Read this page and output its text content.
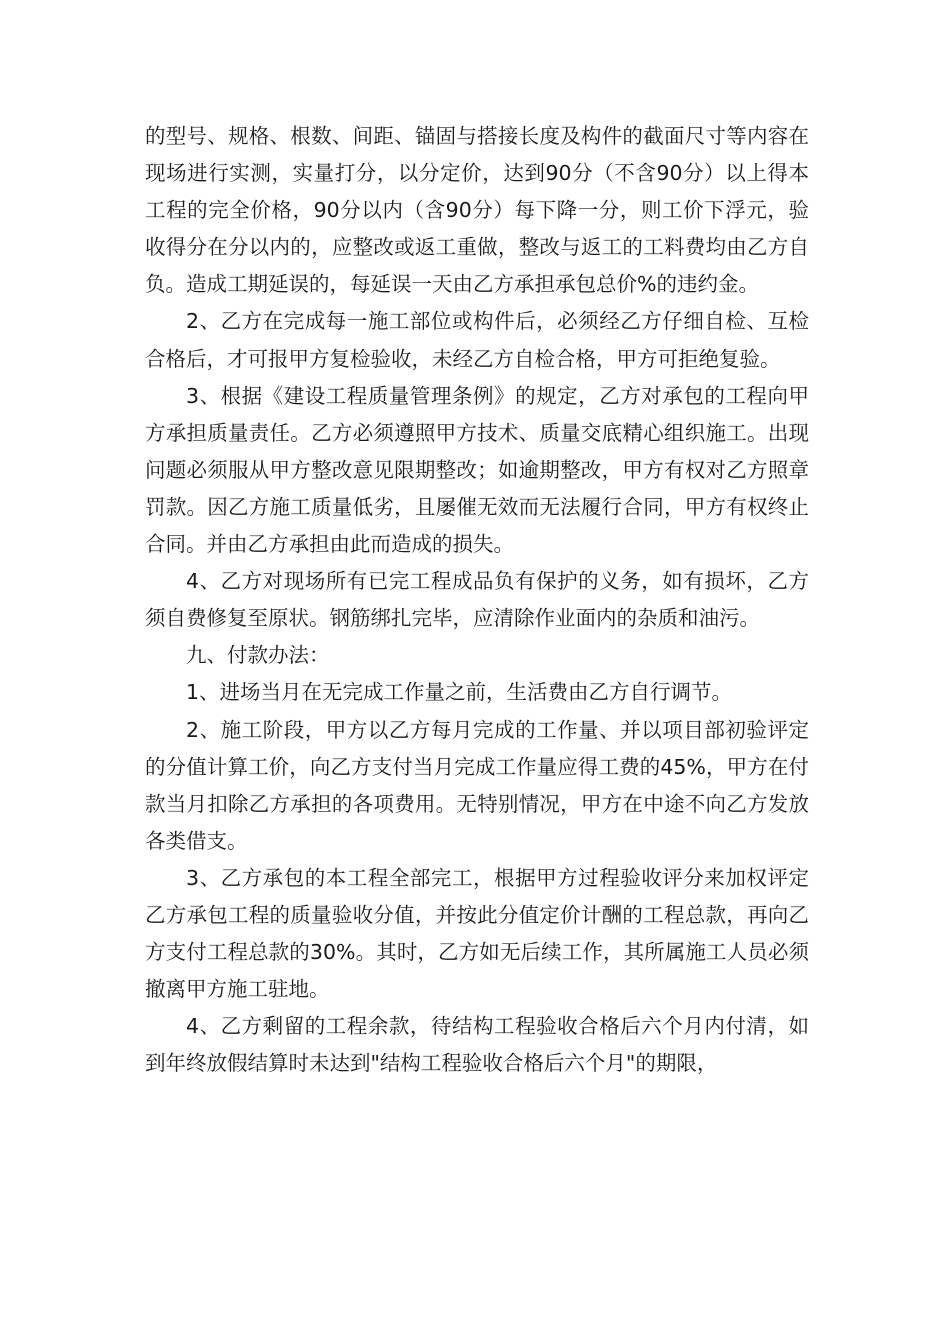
的型号、规格、根数、间距、锚固与搭接长度及构件的截面尺寸等内容在现场进行实测，实量打分，以分定价，达到90分（不含90分）以上得本工程的完全价格，90分以内（含90分）每下降一分，则工价下浮元，验收得分在分以内的，应整改或返工重做，整改与返工的工料费均由乙方自负。造成工期延误的，每延误一天由乙方承担承包总价%的违约金。

2、乙方在完成每一施工部位或构件后，必须经乙方仔细自检、互检合格后，才可报甲方复检验收，未经乙方自检合格，甲方可拒绝复验。

3、根据《建设工程质量管理条例》的规定，乙方对承包的工程向甲方承担质量责任。乙方必须遵照甲方技术、质量交底精心组织施工。出现问题必须服从甲方整改意见限期整改；如逾期整改，甲方有权对乙方照章罚款。因乙方施工质量低劣，且屡催无效而无法履行合同，甲方有权终止合同。并由乙方承担由此而造成的损失。

4、乙方对现场所有已完工程成品负有保护的义务，如有损坏，乙方须自费修复至原状。钢筋绑扎完毕，应清除作业面内的杂质和油污。

九、付款办法：

1、进场当月在无完成工作量之前，生活费由乙方自行调节。

2、施工阶段，甲方以乙方每月完成的工作量、并以项目部初验评定的分值计算工价，向乙方支付当月完成工作量应得工费的45%，甲方在付款当月扣除乙方承担的各项费用。无特别情况，甲方在中途不向乙方发放各类借支。

3、乙方承包的本工程全部完工，根据甲方过程验收评分来加权评定乙方承包工程的质量验收分值，并按此分值定价计酬的工程总款，再向乙方支付工程总款的30%。其时，乙方如无后续工作，其所属施工人员必须撤离甲方施工驻地。

4、乙方剩留的工程余款，待结构工程验收合格后六个月内付清，如到年终放假结算时未达到"结构工程验收合格后六个月"的期限，
